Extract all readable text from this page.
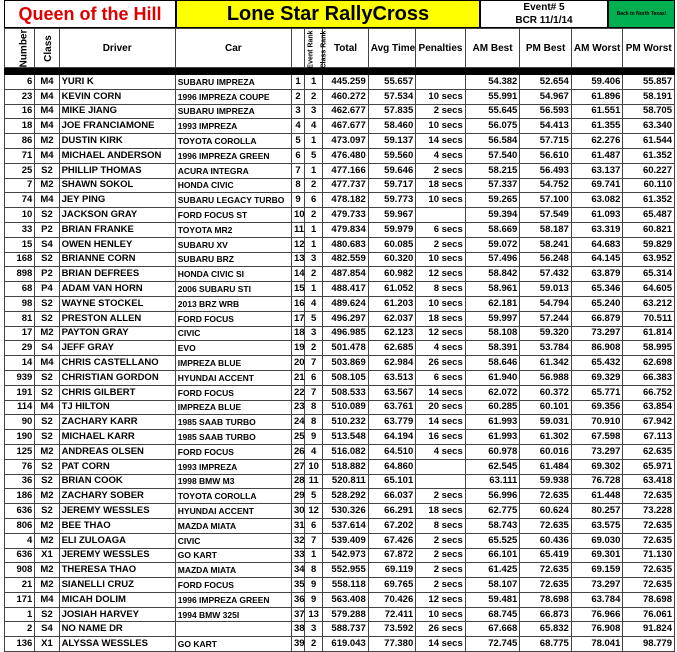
Queen of the Hill	Lone Star RallyCross	Event# 5
BCR 11/1/14
Back to North Texas!
Number	Class	Driver	Car	Event Rank	Class Rank	Total	Avg Time	Penalties	AM Best	PM Best	AM Worst	PM Worst

6	M4	YURI K	SUBARU IMPREZA	1	1	445.259	55.657		54.382	52.654	59.406	55.857
23	M4	KEVIN CORN	1996 IMPREZA COUPE	2	2	460.272	57.534	10 secs	55.991	54.967	61.896	58.191
16	M4	MIKE JIANG	SUBARU IMPREZA	3	3	462.677	57.835	2 secs	55.645	56.593	61.551	58.705
18	M4	JOE FRANCIAMONE	1993 IMPREZA	4	4	467.677	58.460	10 secs	56.075	54.413	61.355	63.340
86	M2	DUSTIN KIRK	TOYOTA COROLLA	5	1	473.097	59.137	14 secs	56.584	57.715	62.276	61.544
71	M4	MICHAEL ANDERSON	1996 IMPREZA GREEN	6	5	476.480	59.560	4 secs	57.540	56.610	61.487	61.352
25	S2	PHILLIP THOMAS	ACURA INTEGRA	7	1	477.166	59.646	2 secs	58.215	56.493	63.137	60.227
7	M2	SHAWN SOKOL	HONDA CIVIC	8	2	477.737	59.717	18 secs	57.337	54.752	69.741	60.110
74	M4	JEY PING	SUBARU LEGACY TURBO	9	6	478.182	59.773	10 secs	59.265	57.100	63.082	61.352
10	S2	JACKSON GRAY	FORD FOCUS ST	10	2	479.733	59.967		59.394	57.549	61.093	65.487
33	P2	BRIAN FRANKE	TOYOTA MR2	11	1	479.834	59.979	6 secs	58.669	58.187	63.319	60.821
15	S4	OWEN HENLEY	SUBARU XV	12	1	480.683	60.085	2 secs	59.072	58.241	64.683	59.829
168	S2	BRIANNE CORN	SUBARU BRZ	13	3	482.559	60.320	10 secs	57.496	56.248	64.145	63.952
898	P2	BRIAN DEFREES	HONDA CIVIC SI	14	2	487.854	60.982	12 secs	58.842	57.432	63.879	65.314
68	P4	ADAM VAN HORN	2006 SUBARU STI	15	1	488.417	61.052	8 secs	58.961	59.013	65.346	64.605
98	S2	WAYNE STOCKEL	2013 BRZ WRB	16	4	489.624	61.203	10 secs	62.181	54.794	65.240	63.212
81	S2	PRESTON ALLEN	FORD FOCUS	17	5	496.297	62.037	18 secs	59.997	57.244	66.879	70.511
17	M2	PAYTON GRAY	CIVIC	18	3	496.985	62.123	12 secs	58.108	59.320	73.297	61.814
29	S4	JEFF GRAY	EVO	19	2	501.478	62.685	4 secs	58.391	53.784	86.908	58.995
14	M4	CHRIS CASTELLANO	IMPREZA BLUE	20	7	503.869	62.984	26 secs	58.646	61.342	65.432	62.698
939	S2	CHRISTIAN GORDON	HYUNDAI ACCENT	21	6	508.105	63.513	6 secs	61.940	56.988	69.329	66.383
191	S2	CHRIS GILBERT	FORD FOCUS	22	7	508.533	63.567	14 secs	62.072	60.372	65.771	66.752
114	M4	TJ HILTON	IMPREZA BLUE	23	8	510.089	63.761	20 secs	60.285	60.101	69.356	63.854
90	S2	ZACHARY KARR	1985 SAAB TURBO	24	8	510.232	63.779	14 secs	61.993	59.031	70.910	67.942
190	S2	MICHAEL KARR	1985 SAAB TURBO	25	9	513.548	64.194	16 secs	61.993	61.302	67.598	67.113
125	M2	ANDREAS OLSEN	FORD FOCUS	26	4	516.082	64.510	4 secs	60.978	60.016	73.297	62.635
76	S2	PAT CORN	1993 IMPREZA	27	10	518.882	64.860		62.545	61.484	69.302	65.971
36	S2	BRIAN COOK	1998 BMW M3	28	11	520.811	65.101		63.111	59.938	76.728	63.418
186	M2	ZACHARY SOBER	TOYOTA COROLLA	29	5	528.292	66.037	2 secs	56.996	72.635	61.448	72.635
636	S2	JEREMY WESSLES	HYUNDAI ACCENT	30	12	530.326	66.291	18 secs	62.775	60.624	80.257	73.228
806	M2	BEE THAO	MAZDA MIATA	31	6	537.614	67.202	8 secs	58.743	72.635	63.575	72.635
4	M2	ELI ZULOAGA	CIVIC	32	7	539.409	67.426	2 secs	65.525	60.436	69.030	72.635
636	X1	JEREMY WESSLES	GO KART	33	1	542.973	67.872	2 secs	66.101	65.419	69.301	71.130
908	M2	THERESA THAO	MAZDA MIATA	34	8	552.955	69.119	2 secs	61.425	72.635	69.159	72.635
21	M2	SIANELLI CRUZ	FORD FOCUS	35	9	558.118	69.765	2 secs	58.107	72.635	73.297	72.635
171	M4	MICAH DOLIM	1996 IMPREZA GREEN	36	9	563.408	70.426	12 secs	59.481	78.698	63.784	78.698
1	S2	JOSIAH HARVEY	1994 BMW 325I	37	13	579.288	72.411	10 secs	68.745	66.873	76.966	76.061
2	S4	NO NAME DR		38	3	588.737	73.592	26 secs	67.668	65.832	76.908	91.824
136	X1	ALYSSA WESSLES	GO KART	39	2	619.043	77.380	14 secs	72.745	68.775	78.041	98.779
